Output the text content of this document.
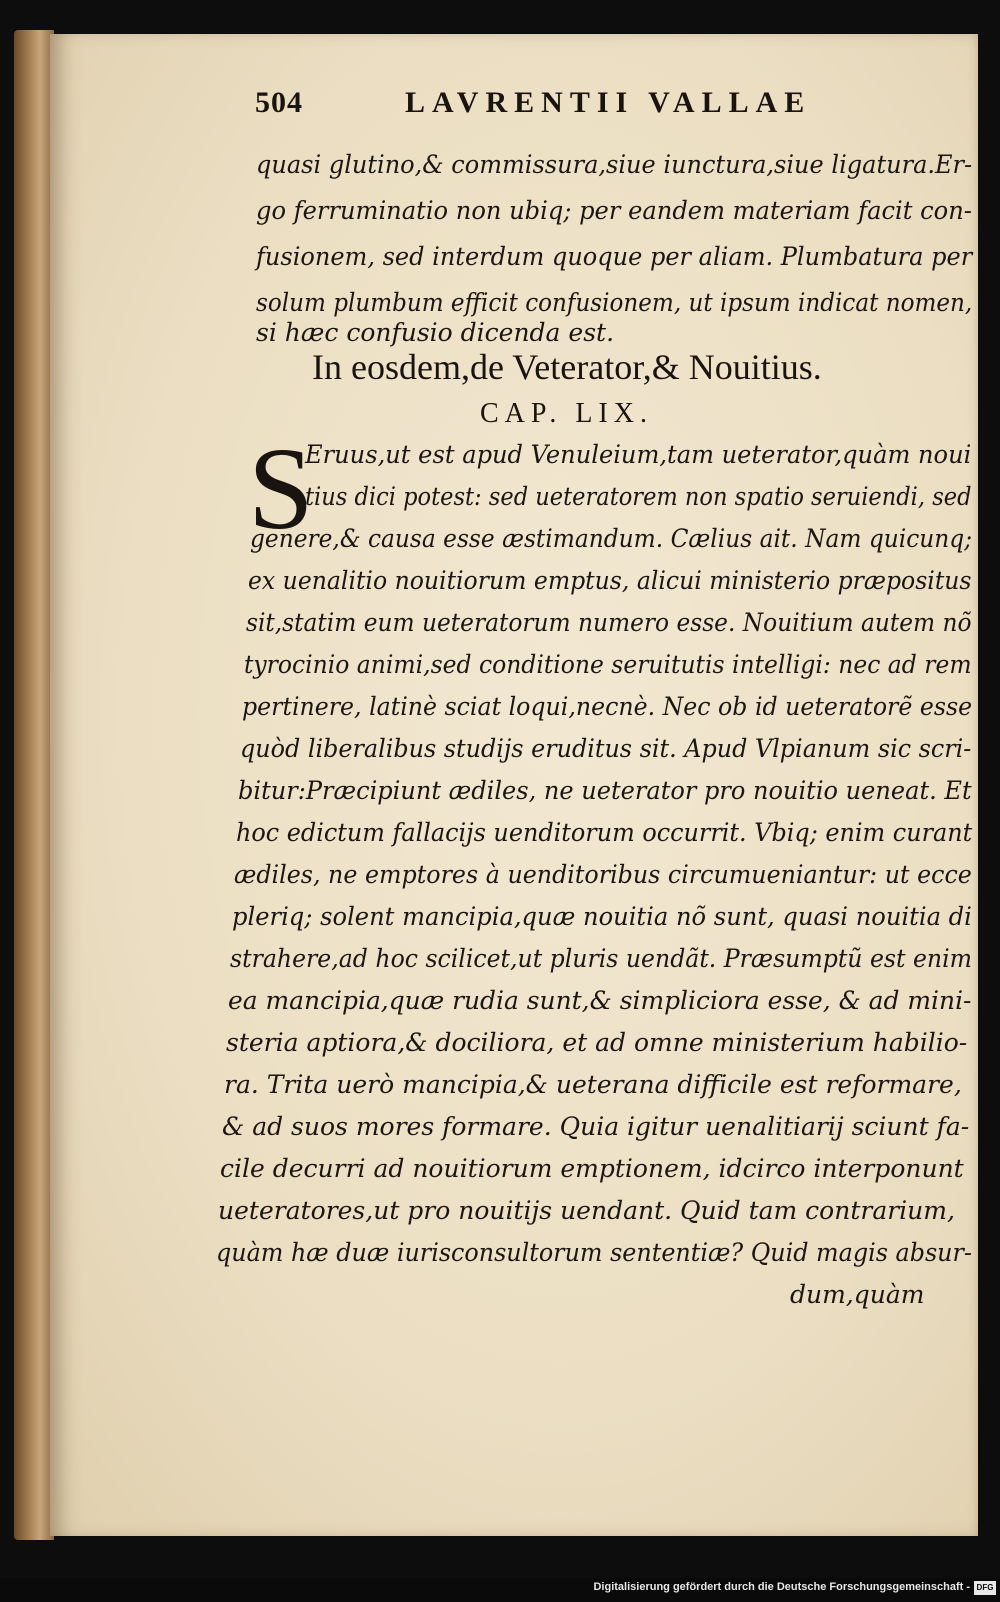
504	LAVRENTII VALLAE
quasi glutino,& commissura,siue iunctura,siue ligatura.Er-
go ferruminatio non ubiq; per eandem materiam facit con-
fusionem, sed interdum quoque per aliam. Plumbatura per
solum plumbum efficit confusionem, ut ipsum indicat nomen,
si hæc confusio dicenda est.
In eosdem,de Veterator,& Nouitius.
CAP. LIX.
S
Eruus,ut est apud Venuleium,tam ueterator,quàm noui
tius dici potest: sed ueteratorem non spatio seruiendi, sed
genere,& causa esse æstimandum. Cælius ait. Nam quicunq;
ex uenalitio nouitiorum emptus, alicui ministerio præpositus
sit,statim eum ueteratorum numero esse. Nouitium autem nõ
tyrocinio animi,sed conditione seruitutis intelligi: nec ad rem
pertinere, latinè sciat loqui,necnè. Nec ob id ueteratorẽ esse
quòd liberalibus studijs eruditus sit. Apud Vlpianum sic scri-
bitur:Præcipiunt ædiles, ne ueterator pro nouitio ueneat. Et
hoc edictum fallacijs uenditorum occurrit. Vbiq; enim curant
ædiles, ne emptores à uenditoribus circumueniantur: ut ecce
pleriq; solent mancipia,quæ nouitia nõ sunt, quasi nouitia di
strahere,ad hoc scilicet,ut pluris uendãt. Præsumptũ est enim
ea mancipia,quæ rudia sunt,& simpliciora esse, & ad mini-
steria aptiora,& dociliora, et ad omne ministerium habilio-
ra. Trita uerò mancipia,& ueterana difficile est reformare,
& ad suos mores formare. Quia igitur uenalitiarij sciunt fa-
cile decurri ad nouitiorum emptionem, idcirco interponunt
ueteratores,ut pro nouitijs uendant. Quid tam contrarium,
quàm hæ duæ iurisconsultorum sententiæ? Quid magis absur-
dum,quàm
Digitalisierung gefördert durch die Deutsche Forschungsgemeinschaft - DFG
